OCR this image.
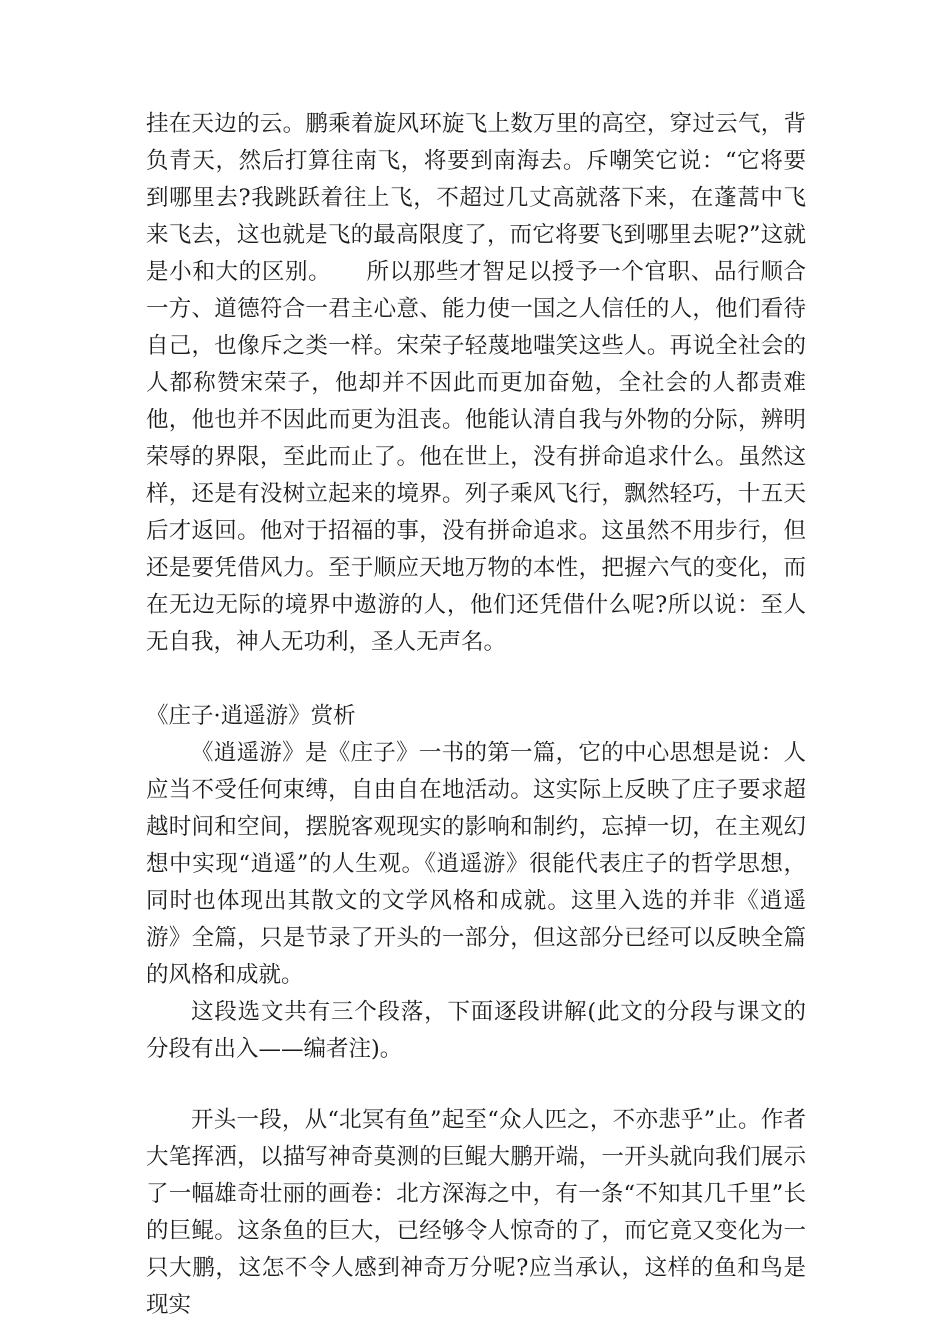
挂在天边的云。鹏乘着旋风环旋飞上数万里的高空，穿过云气，背负青天，然后打算往南飞，将要到南海去。斥嘲笑它说：“它将要到哪里去?我跳跃着往上飞，不超过几丈高就落下来，在蓬蒿中飞来飞去，这也就是飞的最高限度了，而它将要飞到哪里去呢?”这就是小和大的区别。　　所以那些才智足以授予一个官职、品行顺合一方、道德符合一君主心意、能力使一国之人信任的人，他们看待自己，也像斥之类一样。宋荣子轻蔑地嗤笑这些人。再说全社会的人都称赞宋荣子，他却并不因此而更加奋勉，全社会的人都责难他，他也并不因此而更为沮丧。他能认清自我与外物的分际，辨明荣辱的界限，至此而止了。他在世上，没有拼命追求什么。虽然这样，还是有没树立起来的境界。列子乘风飞行，飘然轻巧，十五天后才返回。他对于招福的事，没有拼命追求。这虽然不用步行，但还是要凭借风力。至于顺应天地万物的本性，把握六气的变化，而在无边无际的境界中遨游的人，他们还凭借什么呢?所以说：至人无自我，神人无功利，圣人无声名。

《庄子·逍遥游》赏析

《逍遥游》是《庄子》一书的第一篇，它的中心思想是说：人应当不受任何束缚，自由自在地活动。这实际上反映了庄子要求超越时间和空间，摆脱客观现实的影响和制约，忘掉一切，在主观幻想中实现“逍遥”的人生观。《逍遥游》很能代表庄子的哲学思想，同时也体现出其散文的文学风格和成就。这里入选的并非《逍遥游》全篇，只是节录了开头的一部分，但这部分已经可以反映全篇的风格和成就。

这段选文共有三个段落，下面逐段讲解(此文的分段与课文的分段有出入——编者注)。

开头一段，从“北冥有鱼”起至“众人匹之，不亦悲乎”止。作者大笔挥洒，以描写神奇莫测的巨鲲大鹏开端，一开头就向我们展示了一幅雄奇壮丽的画卷：北方深海之中，有一条“不知其几千里”长的巨鲲。这条鱼的巨大，已经够令人惊奇的了，而它竟又变化为一只大鹏，这怎不令人感到神奇万分呢?应当承认，这样的鱼和鸟是现实
